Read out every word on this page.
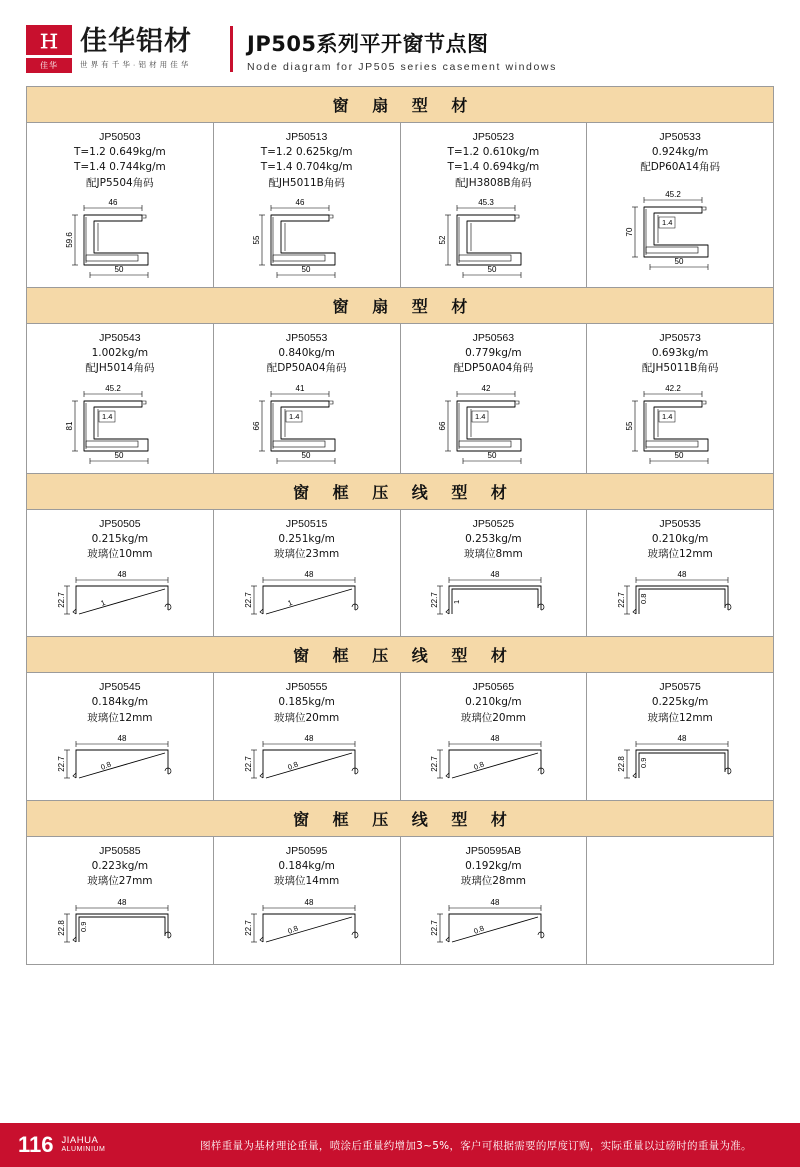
Ｈ
佳华
佳华铝材
世 界 有 千 华 · 铝 材 用 佳 华
JP505系列平开窗节点图
Node diagram for JP505 series casement windows
窗 扇 型 材
JP50503
T=1.2 0.649kg/m
T=1.4 0.744kg/m
配JP5504角码
46
50
59.6
JP50513
T=1.2 0.625kg/m
T=1.4 0.704kg/m
配JH5011B角码
46
50
55
JP50523
T=1.2 0.610kg/m
T=1.4 0.694kg/m
配JH3808B角码
45.3
50
52
JP50533
0.924kg/m
配DP60A14角码
45.2
50
70
1.4
窗 扇 型 材
JP50543
1.002kg/m
配JH5014角码
45.2
50
81
1.4
JP50553
0.840kg/m
配DP50A04角码
41
50
66
1.4
JP50563
0.779kg/m
配DP50A04角码
42
50
66
1.4
JP50573
0.693kg/m
配JH5011B角码
42.2
50
55
1.4
窗 框 压 线 型 材
JP50505
0.215kg/m
玻璃位10mm
1
48
22.7
JP50515
0.251kg/m
玻璃位23mm
1
48
22.7
JP50525
0.253kg/m
玻璃位8mm
1
48
22.7
JP50535
0.210kg/m
玻璃位12mm
0.8
48
22.7
窗 框 压 线 型 材
JP50545
0.184kg/m
玻璃位12mm
0.8
48
22.7
JP50555
0.185kg/m
玻璃位20mm
0.8
48
22.7
JP50565
0.210kg/m
玻璃位20mm
0.8
48
22.7
JP50575
0.225kg/m
玻璃位12mm
0.9
48
22.8
窗 框 压 线 型 材
JP50585
0.223kg/m
玻璃位27mm
0.9
48
22.8
JP50595
0.184kg/m
玻璃位14mm
0.8
48
22.7
JP50595AB
0.192kg/m
玻璃位28mm
0.8
48
22.7
116 JIAHUA
ALUMINIUM	图样重量为基材理论重量，喷涂后重量约增加3~5%，客户可根据需要的厚度订购，实际重量以过磅时的重量为准。
